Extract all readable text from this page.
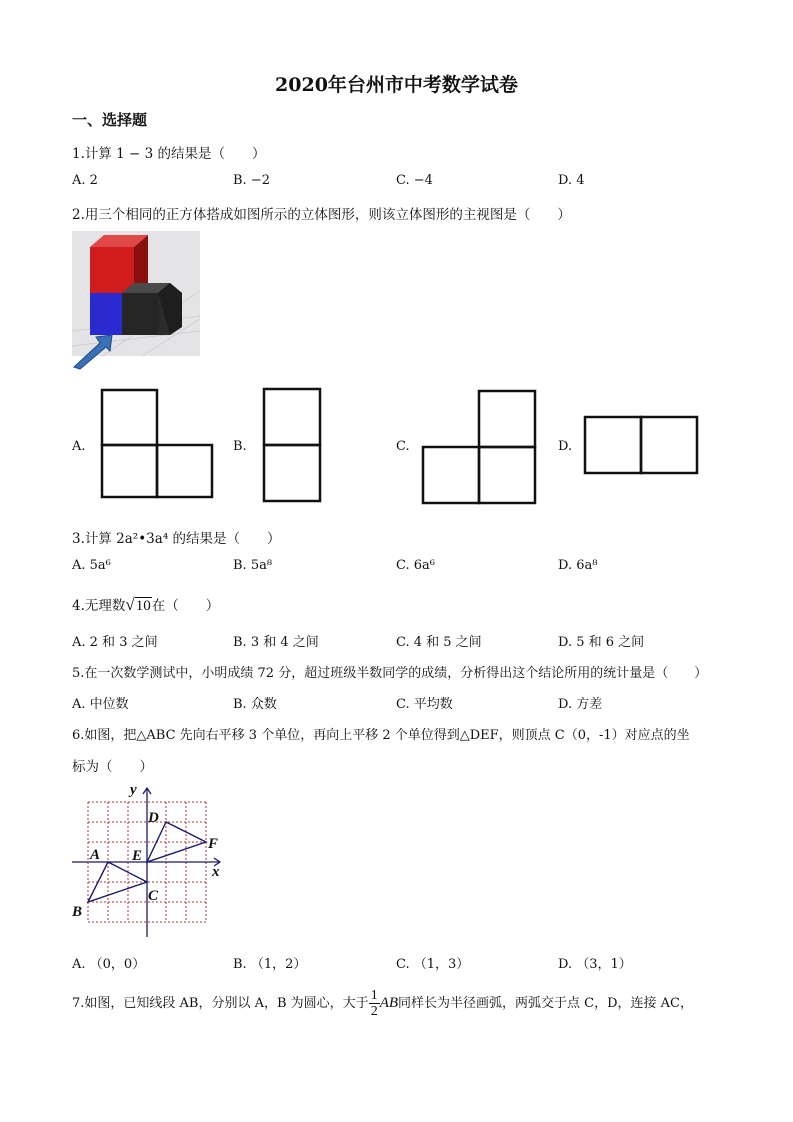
2020年台州市中考数学试卷
一、选择题
1.计算 1 − 3 的结果是（　　）
A. 2	B. −2	C. −4	D. 4
2.用三个相同的正方体搭成如图所示的立体图形，则该立体图形的主视图是（　　）
A.	B.	C.	D.
3.计算 2a²•3a⁴ 的结果是（　　）
A. 5a⁶	B. 5a⁸	C. 6a⁶	D. 6a⁸
4.无理数√10在（　　）
A. 2 和 3 之间	B. 3 和 4 之间	C. 4 和 5 之间	D. 5 和 6 之间
5.在一次数学测试中，小明成绩 72 分，超过班级半数同学的成绩，分析得出这个结论所用的统计量是（　　）
A. 中位数	B. 众数	C. 平均数	D. 方差
6.如图，把△ABC 先向右平移 3 个单位，再向上平移 2 个单位得到△DEF，则顶点 C（0，-1）对应点的坐
标为（　　）
y
x
A
B
C
D
E
F
A. （0，0）	B. （1，2）	C. （1，3）	D. （3，1）
7.如图，已知线段 AB，分别以 A，B 为圆心，大于 $\frac{1}{2}$ AB同样长为半径画弧，两弧交于点 C，D，连接 AC，
